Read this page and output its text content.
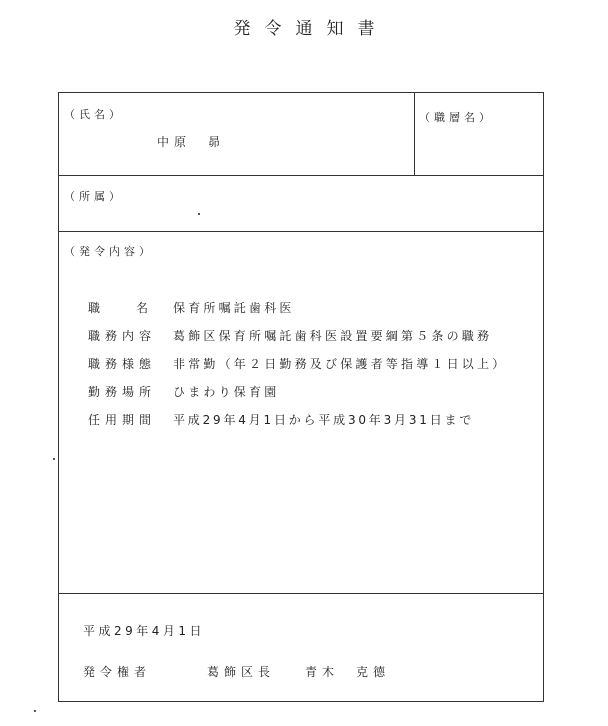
発令通知書
（氏名）
中原　昴
（職層名）
（所属）
（発令内容）
職	名 保育所嘱託歯科医
職務内容 葛飾区保育所嘱託歯科医設置要綱第５条の職務
職務様態 非常勤（年２日勤務及び保護者等指導１日以上）
勤務場所 ひまわり保育園
任用期間 平成29年4月1日から平成30年3月31日まで
平成29年4月1日
発令権者	葛飾区長 青木　克德
